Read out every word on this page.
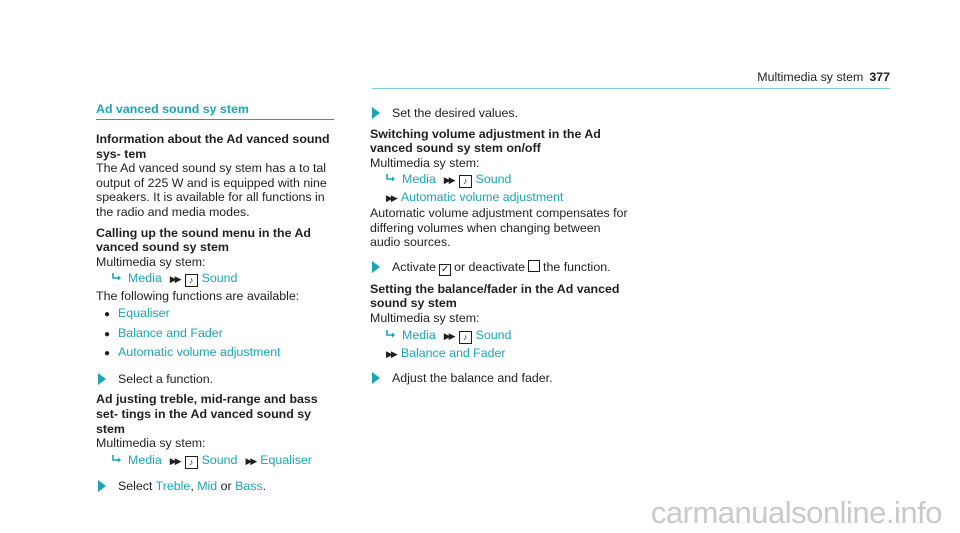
Multimedia sy stem 377
Ad vanced sound sy stem

Information about the Ad vanced sound sys‐ tem

The Ad vanced sound sy stem has a to tal output of 225 W and is equipped with nine speakers. It is available for all functions in the radio and media modes.

Calling up the sound menu in the Ad vanced sound sy stem

Multimedia sy stem:

Media ▶▶ ♪ Sound

The following functions are available:

● Equaliser
● Balance and Fader
● Automatic volume adjustment

Select a function.

Ad justing treble, mid-range and bass set‐ tings in the Ad vanced sound sy stem

Multimedia sy stem:

Media ▶▶ ♪ Sound ▶▶ Equaliser

Select Treble, Mid or Bass.

Set the desired values.

Switching volume adjustment in the Ad vanced sound sy stem on/off

Multimedia sy stem:

Media ▶▶ ♪ Sound
▶▶ Automatic volume adjustment

Automatic volume adjustment compensates for differing volumes when changing between audio sources.

Activate ✓ or deactivate the function.

Setting the balance/fader in the Ad vanced sound sy stem

Multimedia sy stem:

Media ▶▶ ♪ Sound
▶▶ Balance and Fader

Adjust the balance and fader.

carmanualsonline.info
